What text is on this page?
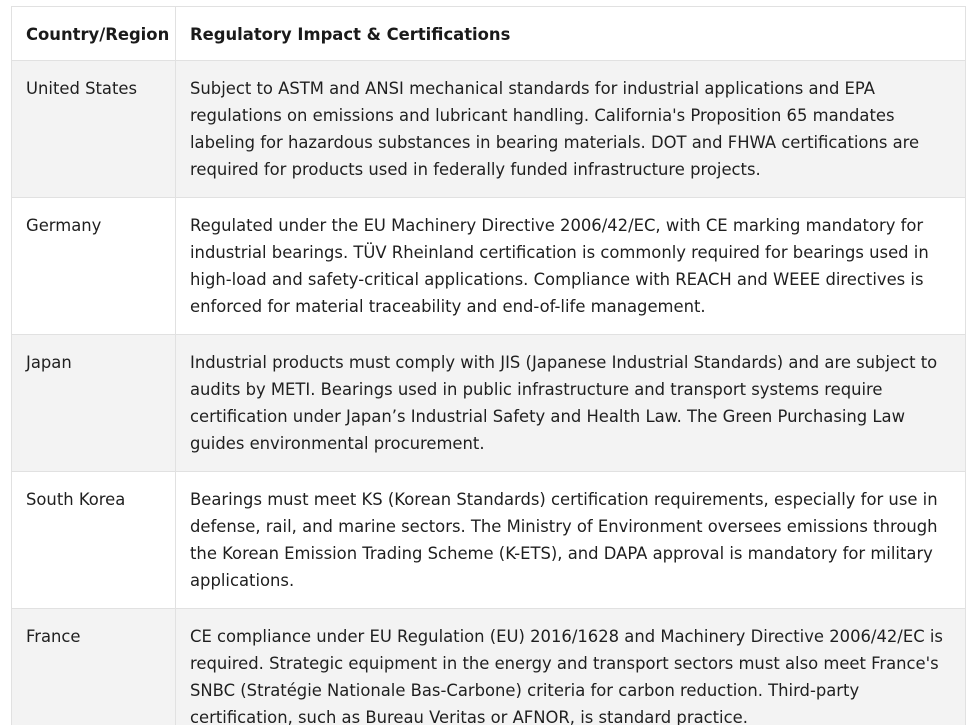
Country/Region	Regulatory Impact & Certifications
United States	Subject to ASTM and ANSI mechanical standards for industrial applications and EPA regulations on emissions and lubricant handling. California's Proposition 65 mandates labeling for hazardous substances in bearing materials. DOT and FHWA certifications are required for products used in federally funded infrastructure projects.
Germany	Regulated under the EU Machinery Directive 2006/42/EC, with CE marking mandatory for industrial bearings. TÜV Rheinland certification is commonly required for bearings used in high-load and safety-critical applications. Compliance with REACH and WEEE directives is enforced for material traceability and end-of-life management.
Japan	Industrial products must comply with JIS (Japanese Industrial Standards) and are subject to audits by METI. Bearings used in public infrastructure and transport systems require certification under Japan’s Industrial Safety and Health Law. The Green Purchasing Law guides environmental procurement.
South Korea	Bearings must meet KS (Korean Standards) certification requirements, especially for use in defense, rail, and marine sectors. The Ministry of Environment oversees emissions through the Korean Emission Trading Scheme (K-ETS), and DAPA approval is mandatory for military applications.
France	CE compliance under EU Regulation (EU) 2016/1628 and Machinery Directive 2006/42/EC is required. Strategic equipment in the energy and transport sectors must also meet France's SNBC (Stratégie Nationale Bas-Carbone) criteria for carbon reduction. Third-party certification, such as Bureau Veritas or AFNOR, is standard practice.
